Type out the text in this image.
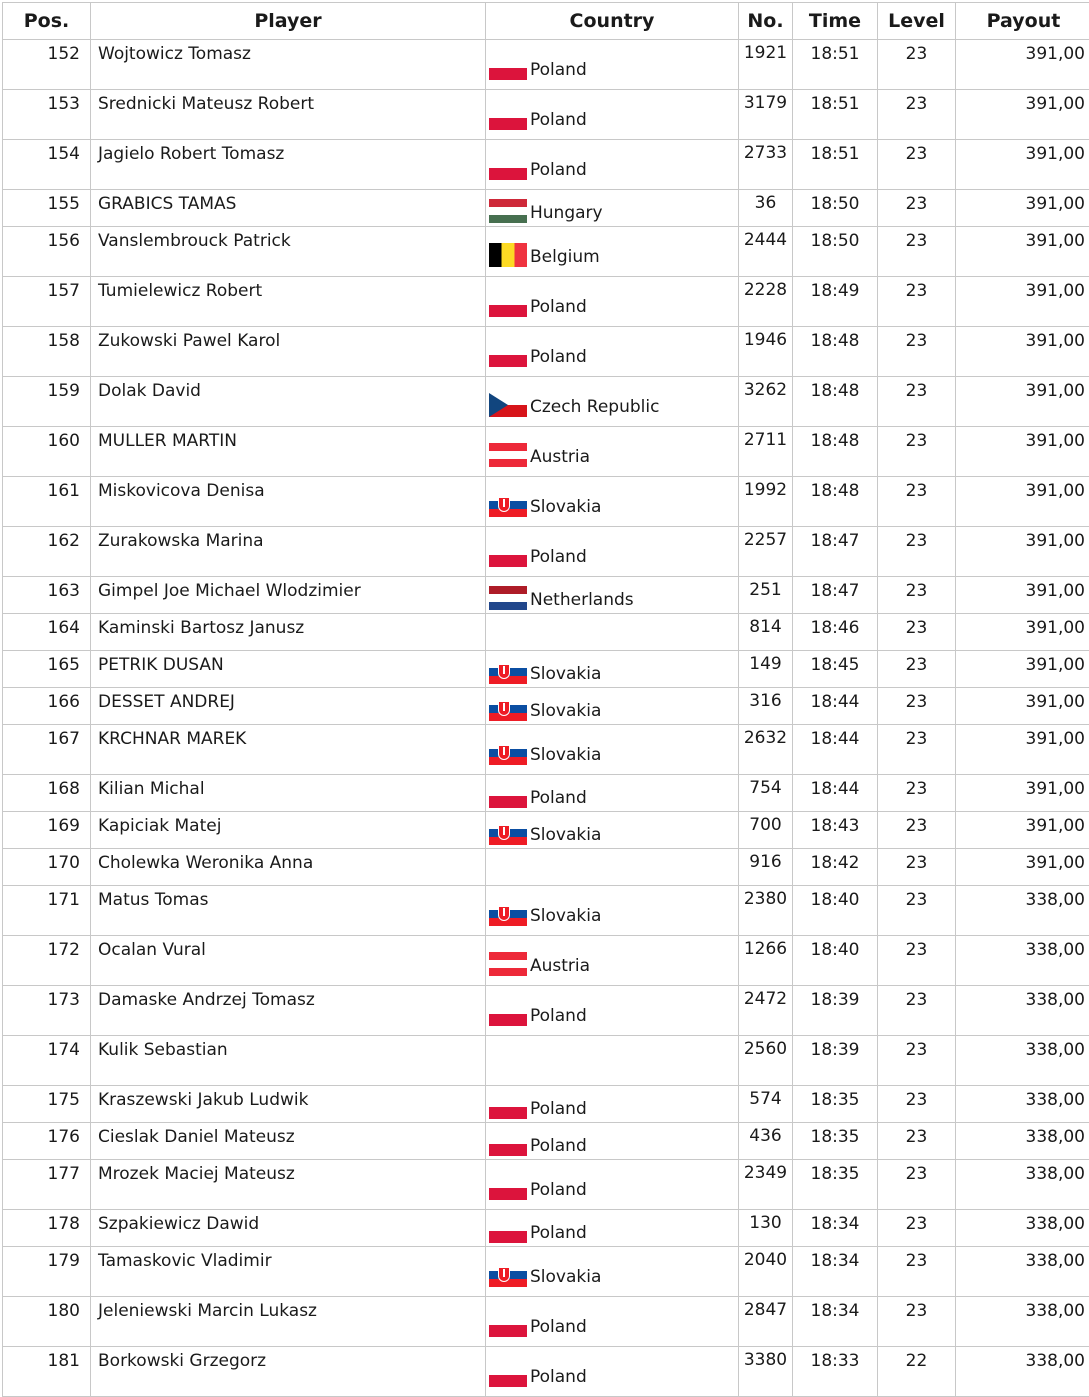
Pos.	Player	Country	No.	Time	Level	Payout
152	Wojtowicz Tomasz	Poland	1921	18:51	23	391,00
153	Srednicki Mateusz Robert	Poland	3179	18:51	23	391,00
154	Jagielo Robert Tomasz	Poland	2733	18:51	23	391,00
155	GRABICS TAMAS	Hungary	36	18:50	23	391,00
156	Vanslembrouck Patrick	Belgium	2444	18:50	23	391,00
157	Tumielewicz Robert	Poland	2228	18:49	23	391,00
158	Zukowski Pawel Karol	Poland	1946	18:48	23	391,00
159	Dolak David	Czech Republic	3262	18:48	23	391,00
160	MULLER MARTIN	Austria	2711	18:48	23	391,00
161	Miskovicova Denisa	Slovakia	1992	18:48	23	391,00
162	Zurakowska Marina	Poland	2257	18:47	23	391,00
163	Gimpel Joe Michael Wlodzimier	Netherlands	251	18:47	23	391,00
164	Kaminski Bartosz Janusz		814	18:46	23	391,00
165	PETRIK DUSAN	Slovakia	149	18:45	23	391,00
166	DESSET ANDREJ	Slovakia	316	18:44	23	391,00
167	KRCHNAR MAREK	Slovakia	2632	18:44	23	391,00
168	Kilian Michal	Poland	754	18:44	23	391,00
169	Kapiciak Matej	Slovakia	700	18:43	23	391,00
170	Cholewka Weronika Anna		916	18:42	23	391,00
171	Matus Tomas	Slovakia	2380	18:40	23	338,00
172	Ocalan Vural	Austria	1266	18:40	23	338,00
173	Damaske Andrzej Tomasz	Poland	2472	18:39	23	338,00
174	Kulik Sebastian		2560	18:39	23	338,00
175	Kraszewski Jakub Ludwik	Poland	574	18:35	23	338,00
176	Cieslak Daniel Mateusz	Poland	436	18:35	23	338,00
177	Mrozek Maciej Mateusz	Poland	2349	18:35	23	338,00
178	Szpakiewicz Dawid	Poland	130	18:34	23	338,00
179	Tamaskovic Vladimir	Slovakia	2040	18:34	23	338,00
180	Jeleniewski Marcin Lukasz	Poland	2847	18:34	23	338,00
181	Borkowski Grzegorz	Poland	3380	18:33	22	338,00
